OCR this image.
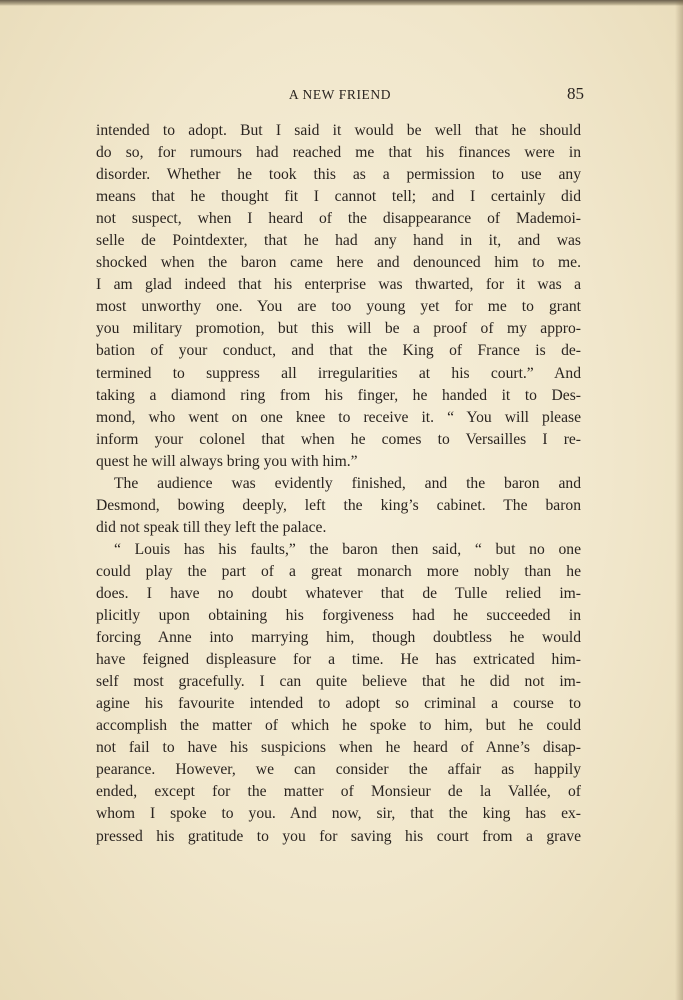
A NEW FRIEND	85
intended to adopt. But I said it would be well that he should
do so, for rumours had reached me that his finances were in
disorder. Whether he took this as a permission to use any
means that he thought fit I cannot tell; and I certainly did
not suspect, when I heard of the disappearance of Mademoi-
selle de Pointdexter, that he had any hand in it, and was
shocked when the baron came here and denounced him to me.
I am glad indeed that his enterprise was thwarted, for it was a
most unworthy one. You are too young yet for me to grant
you military promotion, but this will be a proof of my appro-
bation of your conduct, and that the King of France is de-
termined to suppress all irregularities at his court.” And
taking a diamond ring from his finger, he handed it to Des-
mond, who went on one knee to receive it. “ You will please
inform your colonel that when he comes to Versailles I re-
quest he will always bring you with him.”
The audience was evidently finished, and the baron and
Desmond, bowing deeply, left the king’s cabinet. The baron
did not speak till they left the palace.
“ Louis has his faults,” the baron then said, “ but no one
could play the part of a great monarch more nobly than he
does. I have no doubt whatever that de Tulle relied im-
plicitly upon obtaining his forgiveness had he succeeded in
forcing Anne into marrying him, though doubtless he would
have feigned displeasure for a time. He has extricated him-
self most gracefully. I can quite believe that he did not im-
agine his favourite intended to adopt so criminal a course to
accomplish the matter of which he spoke to him, but he could
not fail to have his suspicions when he heard of Anne’s disap-
pearance. However, we can consider the affair as happily
ended, except for the matter of Monsieur de la Vallée, of
whom I spoke to you. And now, sir, that the king has ex-
pressed his gratitude to you for saving his court from a grave
